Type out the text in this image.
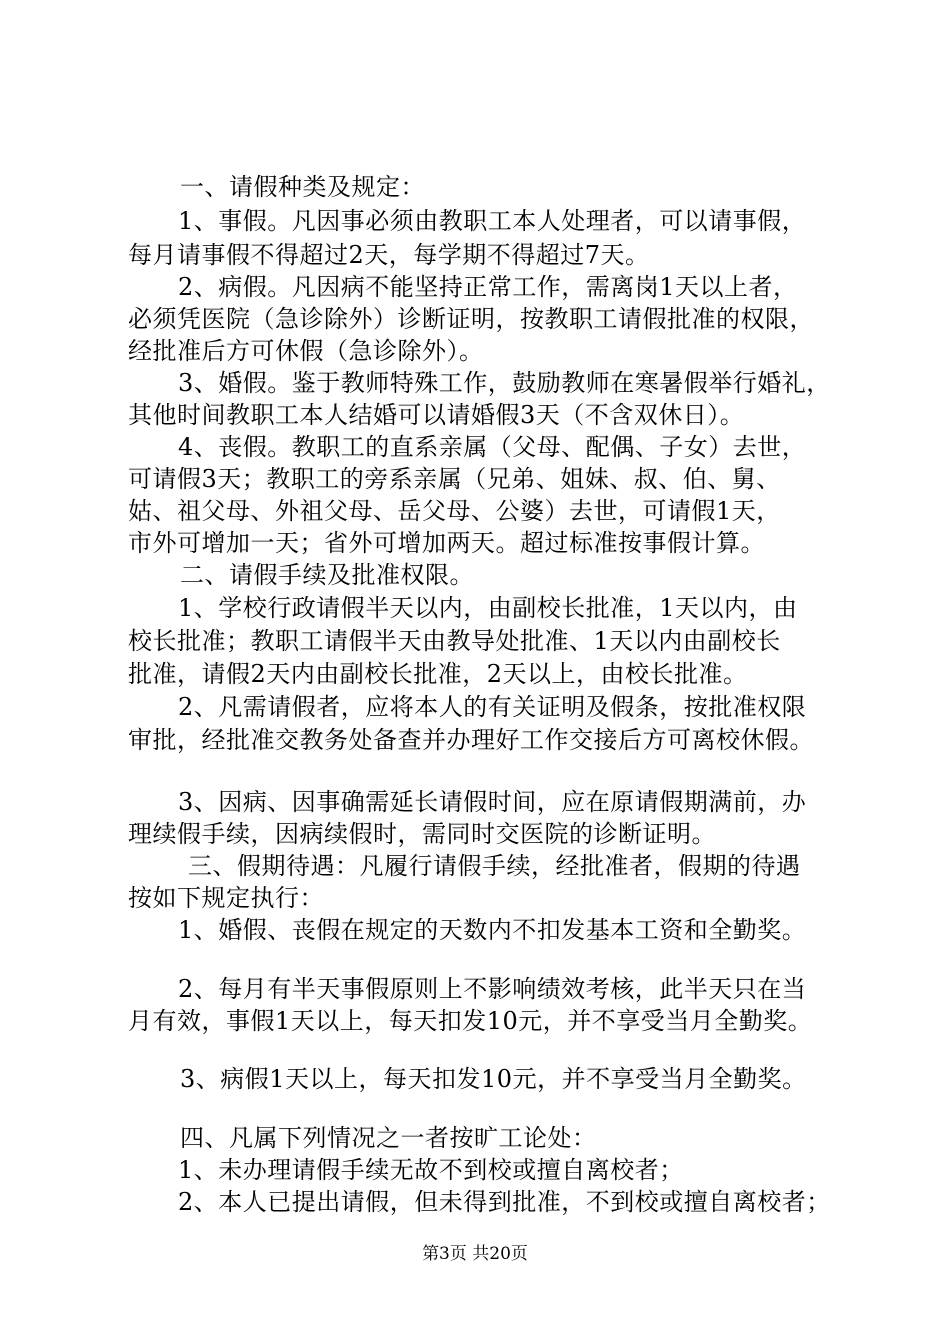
一、请假种类及规定：

1、事假。凡因事必须由教职工本人处理者，可以请事假，

每月请事假不得超过2天，每学期不得超过7天。

2、病假。凡因病不能坚持正常工作，需离岗1天以上者，

必须凭医院（急诊除外）诊断证明，按教职工请假批准的权限，

经批准后方可休假（急诊除外）。

3、婚假。鉴于教师特殊工作，鼓励教师在寒暑假举行婚礼，

其他时间教职工本人结婚可以请婚假3天（不含双休日）。

4、丧假。教职工的直系亲属（父母、配偶、子女）去世，

可请假3天；教职工的旁系亲属（兄弟、姐妹、叔、伯、舅、

姑、祖父母、外祖父母、岳父母、公婆）去世，可请假1天，

市外可增加一天；省外可增加两天。超过标准按事假计算。

二、请假手续及批准权限。

1、学校行政请假半天以内，由副校长批准，1天以内，由

校长批准；教职工请假半天由教导处批准、1天以内由副校长

批准，请假2天内由副校长批准，2天以上，由校长批准。

2、凡需请假者，应将本人的有关证明及假条，按批准权限

审批，经批准交教务处备查并办理好工作交接后方可离校休假。

3、因病、因事确需延长请假时间，应在原请假期满前，办

理续假手续，因病续假时，需同时交医院的诊断证明。

三、假期待遇：凡履行请假手续，经批准者，假期的待遇

按如下规定执行：

1、婚假、丧假在规定的天数内不扣发基本工资和全勤奖。

2、每月有半天事假原则上不影响绩效考核，此半天只在当

月有效，事假1天以上，每天扣发10元，并不享受当月全勤奖。

3、病假1天以上，每天扣发10元，并不享受当月全勤奖。

四、凡属下列情况之一者按旷工论处：

1、未办理请假手续无故不到校或擅自离校者；

2、本人已提出请假，但未得到批准，不到校或擅自离校者；

第3页 共20页
